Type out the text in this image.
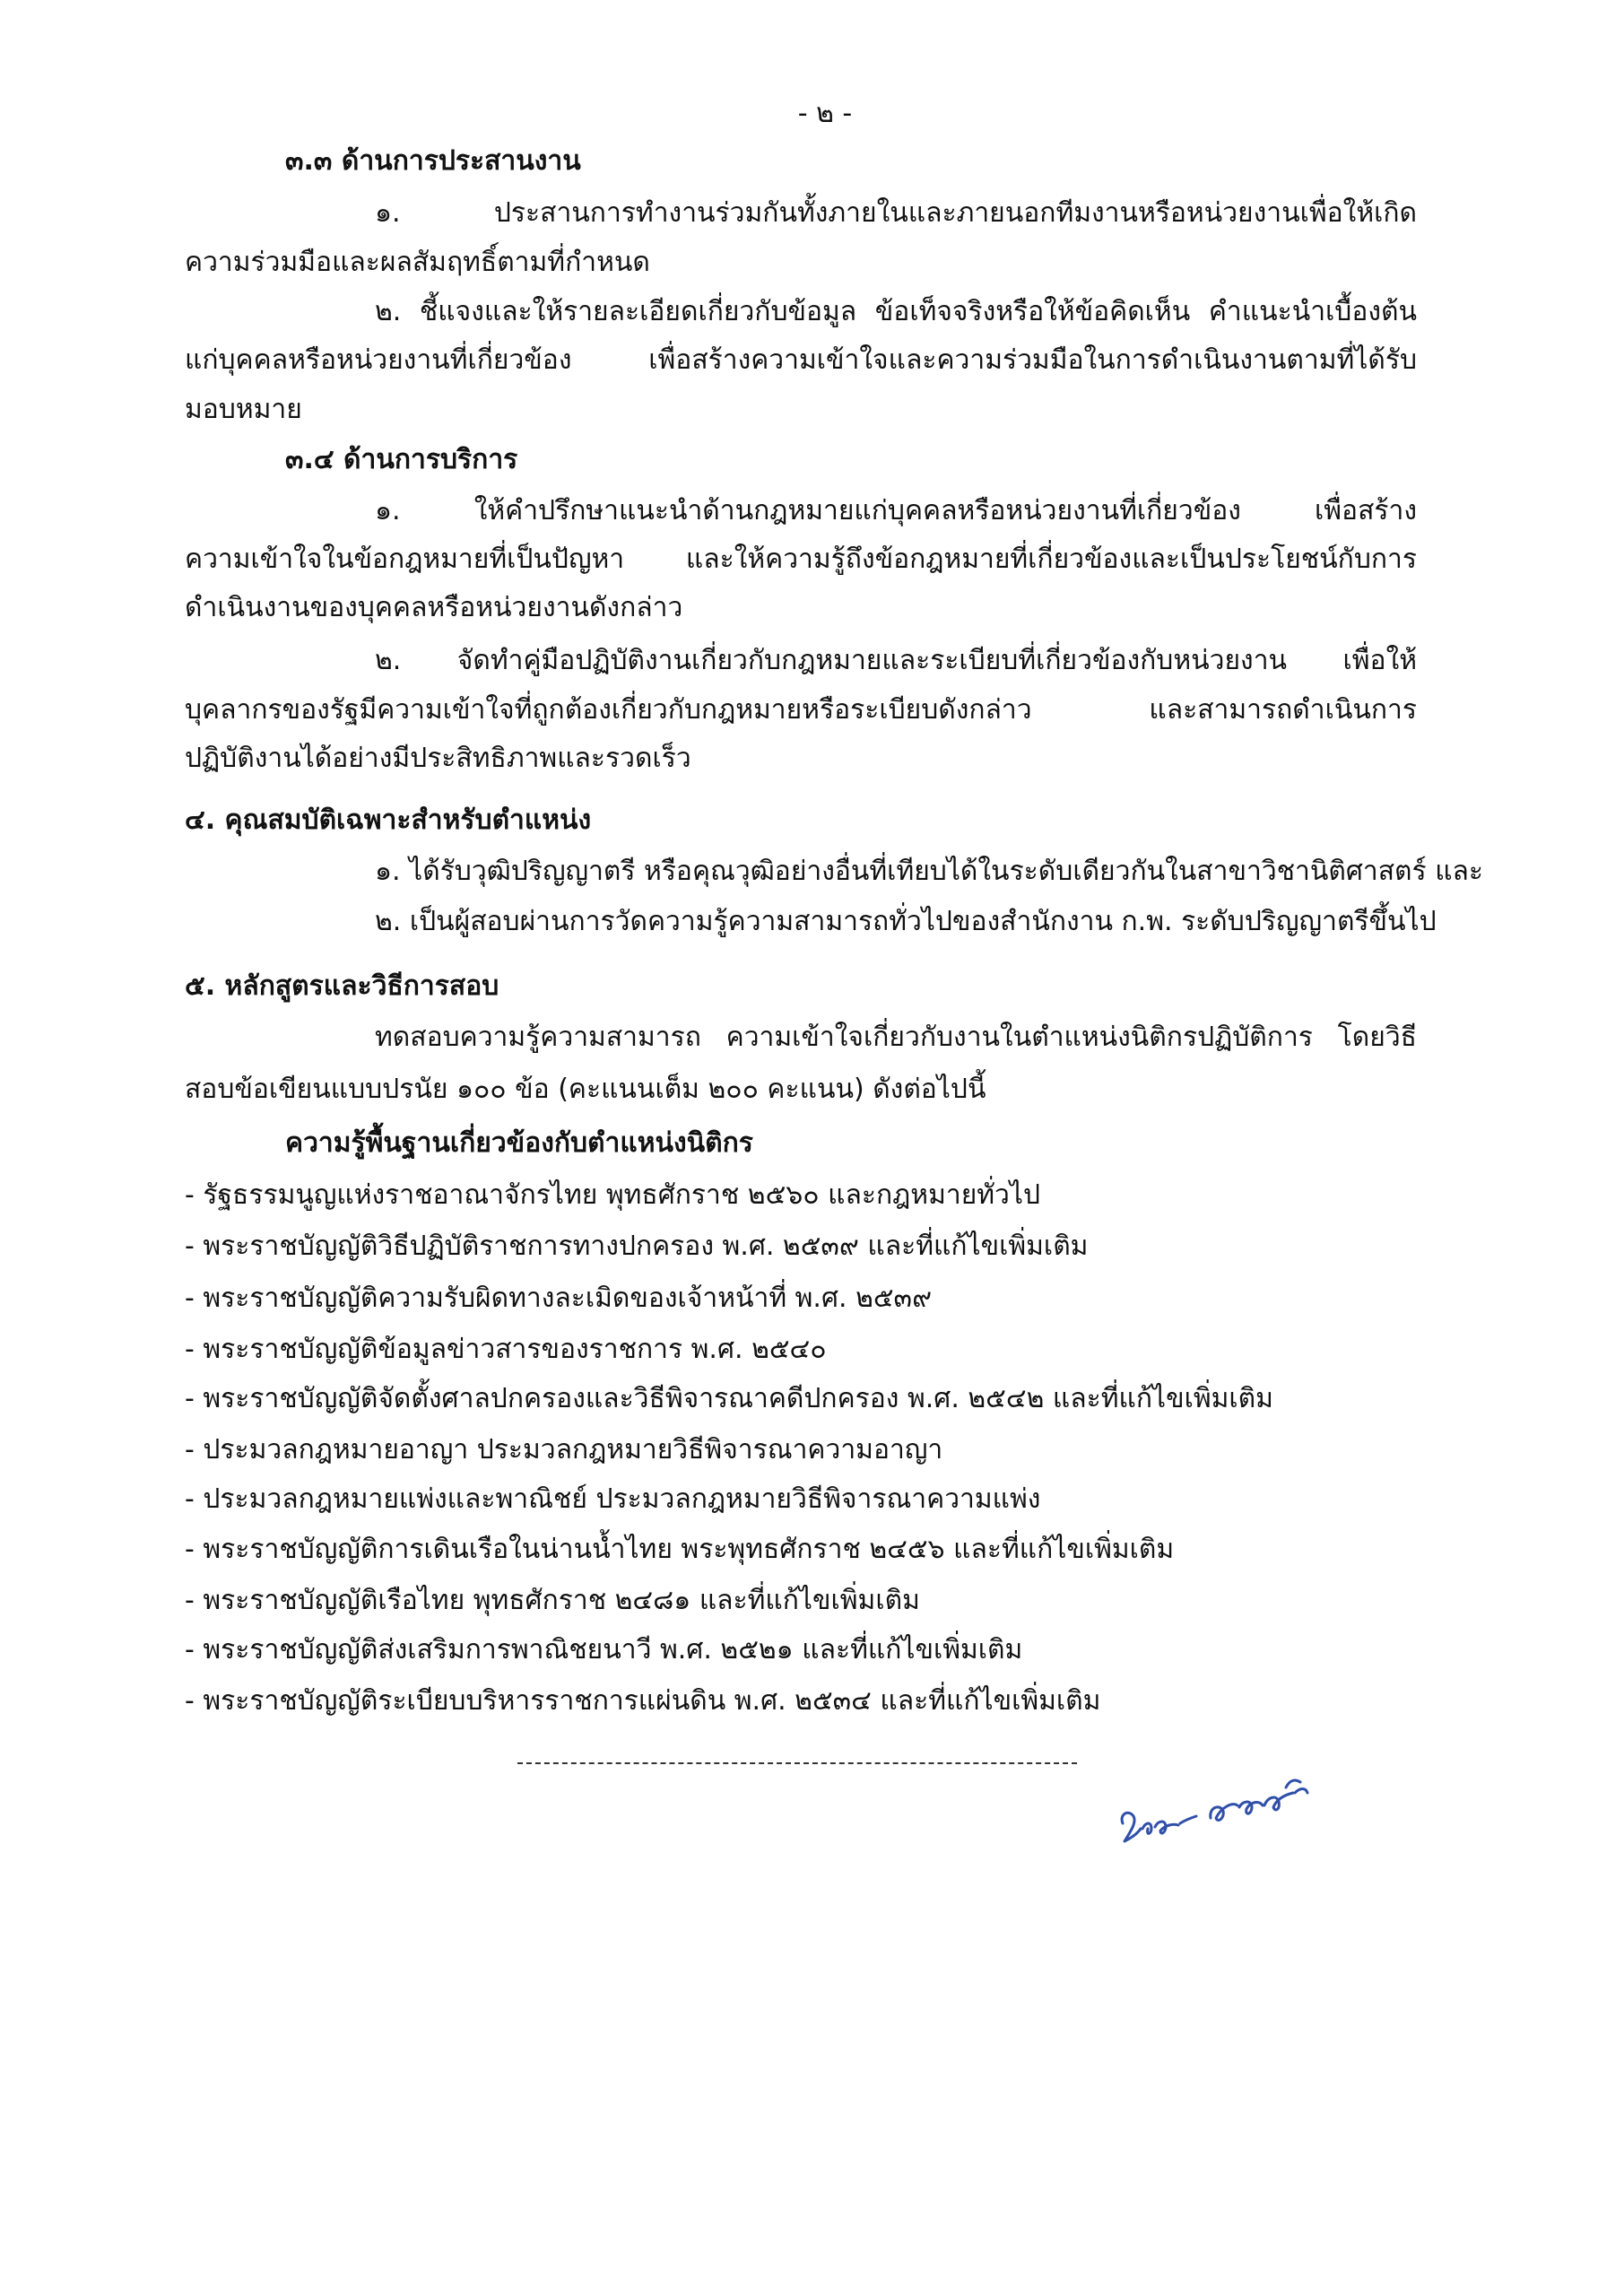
- ๒ -
๓.๓ ด้านการประสานงาน
๑. ประสานการทำงานร่วมกันทั้งภายในและภายนอกทีมงานหรือหน่วยงานเพื่อให้เกิด
ความร่วมมือและผลสัมฤทธิ์ตามที่กำหนด
๒. ชี้แจงและให้รายละเอียดเกี่ยวกับข้อมูล ข้อเท็จจริงหรือให้ข้อคิดเห็น คำแนะนำเบื้องต้น
แก่บุคคลหรือหน่วยงานที่เกี่ยวข้อง เพื่อสร้างความเข้าใจและความร่วมมือในการดำเนินงานตามที่ได้รับ
มอบหมาย
๓.๔ ด้านการบริการ
๑. ให้คำปรึกษาแนะนำด้านกฎหมายแก่บุคคลหรือหน่วยงานที่เกี่ยวข้อง เพื่อสร้าง
ความเข้าใจในข้อกฎหมายที่เป็นปัญหา และให้ความรู้ถึงข้อกฎหมายที่เกี่ยวข้องและเป็นประโยชน์กับการ
ดำเนินงานของบุคคลหรือหน่วยงานดังกล่าว
๒. จัดทำคู่มือปฏิบัติงานเกี่ยวกับกฎหมายและระเบียบที่เกี่ยวข้องกับหน่วยงาน เพื่อให้
บุคลากรของรัฐมีความเข้าใจที่ถูกต้องเกี่ยวกับกฎหมายหรือระเบียบดังกล่าว และสามารถดำเนินการ
ปฏิบัติงานได้อย่างมีประสิทธิภาพและรวดเร็ว
๔. คุณสมบัติเฉพาะสำหรับตำแหน่ง
๑. ได้รับวุฒิปริญญาตรี หรือคุณวุฒิอย่างอื่นที่เทียบได้ในระดับเดียวกันในสาขาวิชานิติศาสตร์ และ
๒. เป็นผู้สอบผ่านการวัดความรู้ความสามารถทั่วไปของสำนักงาน ก.พ. ระดับปริญญาตรีขึ้นไป
๕. หลักสูตรและวิธีการสอบ
ทดสอบความรู้ความสามารถ ความเข้าใจเกี่ยวกับงานในตำแหน่งนิติกรปฏิบัติการ โดยวิธี
สอบข้อเขียนแบบปรนัย ๑๐๐ ข้อ (คะแนนเต็ม ๒๐๐ คะแนน) ดังต่อไปนี้
ความรู้พื้นฐานเกี่ยวข้องกับตำแหน่งนิติกร
- รัฐธรรมนูญแห่งราชอาณาจักรไทย พุทธศักราช ๒๕๖๐ และกฎหมายทั่วไป
- พระราชบัญญัติวิธีปฏิบัติราชการทางปกครอง พ.ศ. ๒๕๓๙ และที่แก้ไขเพิ่มเติม
- พระราชบัญญัติความรับผิดทางละเมิดของเจ้าหน้าที่ พ.ศ. ๒๕๓๙
- พระราชบัญญัติข้อมูลข่าวสารของราชการ พ.ศ. ๒๕๔๐
- พระราชบัญญัติจัดตั้งศาลปกครองและวิธีพิจารณาคดีปกครอง พ.ศ. ๒๕๔๒ และที่แก้ไขเพิ่มเติม
- ประมวลกฎหมายอาญา ประมวลกฎหมายวิธีพิจารณาความอาญา
- ประมวลกฎหมายแพ่งและพาณิชย์ ประมวลกฎหมายวิธีพิจารณาความแพ่ง
- พระราชบัญญัติการเดินเรือในน่านน้ำไทย พระพุทธศักราช ๒๔๕๖ และที่แก้ไขเพิ่มเติม
- พระราชบัญญัติเรือไทย พุทธศักราช ๒๔๘๑ และที่แก้ไขเพิ่มเติม
- พระราชบัญญัติส่งเสริมการพาณิชยนาวี พ.ศ. ๒๕๒๑ และที่แก้ไขเพิ่มเติม
- พระราชบัญญัติระเบียบบริหารราชการแผ่นดิน พ.ศ. ๒๕๓๔ และที่แก้ไขเพิ่มเติม
